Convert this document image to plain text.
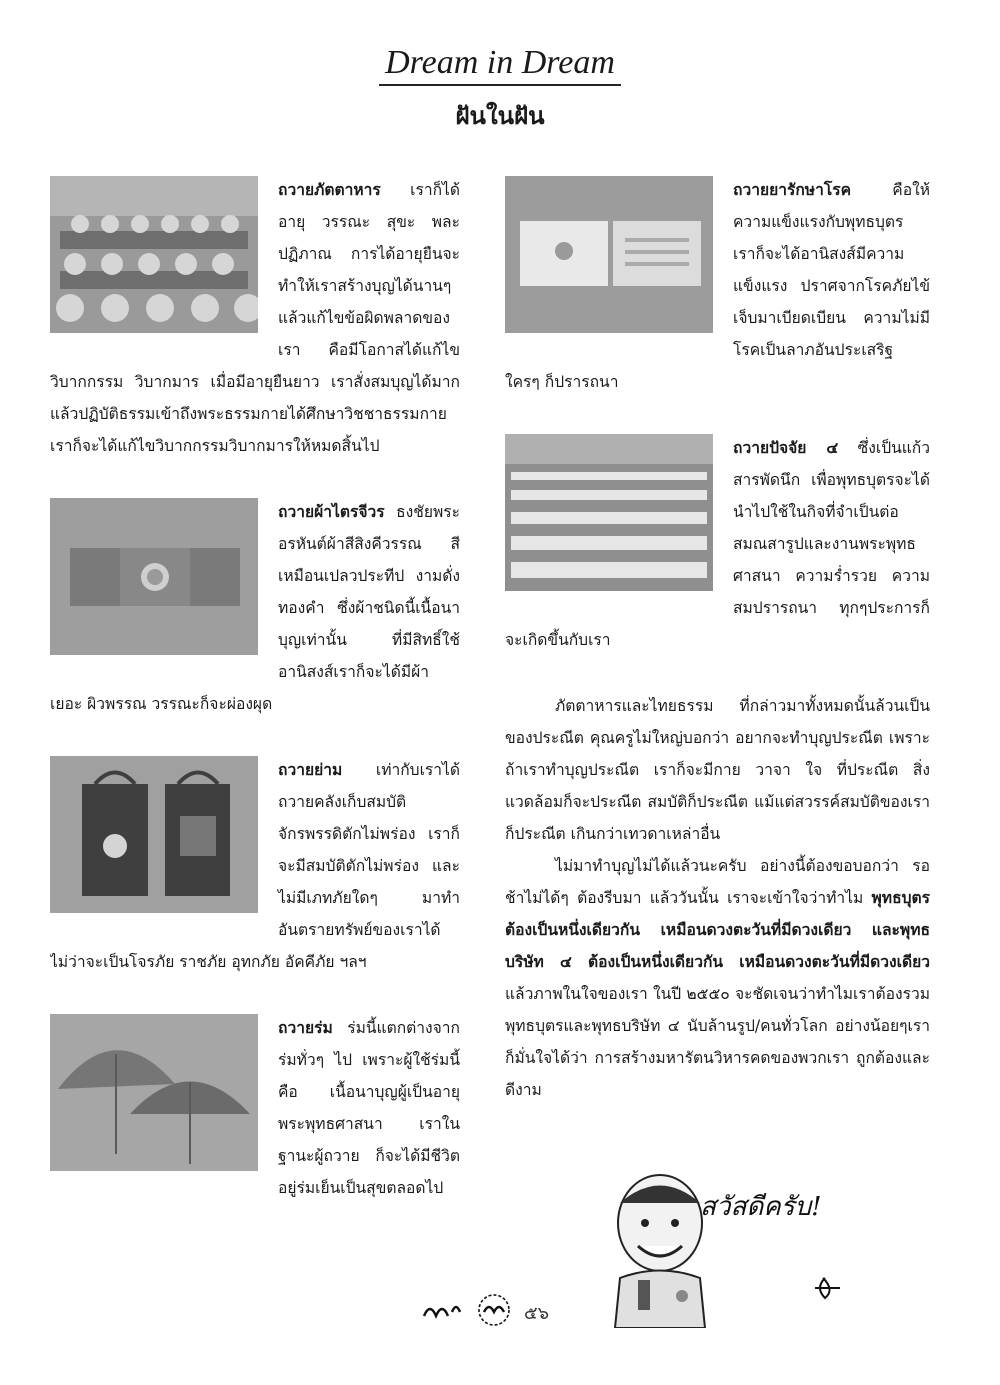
Dream in Dream
ฝันในฝัน

ถวายภัตตาหาร เราก็ได้อายุ วรรณะ สุขะ พละ ปฏิภาณ การได้อายุยืนจะทำให้เราสร้างบุญได้นานๆแล้วแก้ไขข้อผิดพลาดของเรา คือมีโอกาสได้แก้ไขวิบากกรรม วิบากมาร เมื่อมีอายุยืนยาว เราสั่งสมบุญได้มากแล้วปฏิบัติธรรมเข้าถึงพระธรรมกายได้ศึกษาวิชชาธรรมกาย เราก็จะได้แก้ไขวิบากกรรมวิบากมารให้หมดสิ้นไป

ถวายผ้าไตรจีวร ธงชัยพระอรหันต์ผ้าสีสิงคีวรรณ สีเหมือนเปลวประทีป งามดั่งทองคำ ซึ่งผ้าชนิดนี้เนื้อนาบุญเท่านั้น ที่มีสิทธิ์ใช้ อานิสงส์เราก็จะได้มีผ้าเยอะ ผิวพรรณ วรรณะก็จะผ่องผุด

ถวายย่าม เท่ากับเราได้ถวายคลังเก็บสมบัติจักรพรรดิตักไม่พร่อง เราก็จะมีสมบัติตักไม่พร่อง และไม่มีเภทภัยใดๆ มาทำอันตรายทรัพย์ของเราได้ ไม่ว่าจะเป็นโจรภัย ราชภัย อุทกภัย อัคคีภัย ฯลฯ

ถวายร่ม ร่มนี้แตกต่างจากร่มทั่วๆ ไป เพราะผู้ใช้ร่มนี้คือ เนื้อนาบุญผู้เป็นอายุพระพุทธศาสนา เราในฐานะผู้ถวาย ก็จะได้มีชีวิตอยู่ร่มเย็นเป็นสุขตลอดไป

ถวายยารักษาโรค คือให้ความแข็งแรงกับพุทธบุตร เราก็จะได้อานิสงส์มีความแข็งแรง ปราศจากโรคภัยไข้เจ็บมาเบียดเบียน ความไม่มีโรคเป็นลาภอันประเสริฐ ใครๆ ก็ปรารถนา

ถวายปัจจัย ๔ ซึ่งเป็นแก้วสารพัดนึก เพื่อพุทธบุตรจะได้นำไปใช้ในกิจที่จำเป็นต่อสมณสารูปและงานพระพุทธศาสนา ความร่ำรวย ความสมปรารถนา ทุกๆประการก็จะเกิดขึ้นกับเรา

ภัตตาหารและไทยธรรม ที่กล่าวมาทั้งหมดนั้นล้วนเป็นของประณีต คุณครูไม่ใหญ่บอกว่า อยากจะทำบุญประณีต เพราะถ้าเราทำบุญประณีต เราก็จะมีกาย วาจา ใจ ที่ประณีต สิ่งแวดล้อมก็จะประณีต สมบัติก็ประณีต แม้แต่สวรรค์สมบัติของเราก็ประณีต เกินกว่าเทวดาเหล่าอื่น

ไม่มาทำบุญไม่ได้แล้วนะครับ อย่างนี้ต้องขอบอกว่า รอช้าไม่ได้ๆ ต้องรีบมา แล้ววันนั้น เราจะเข้าใจว่าทำไม พุทธบุตรต้องเป็นหนึ่งเดียวกัน เหมือนดวงตะวันที่มีดวงเดียว และพุทธบริษัท ๔ ต้องเป็นหนึ่งเดียวกัน เหมือนดวงตะวันที่มีดวงเดียว แล้วภาพในใจของเรา ในปี ๒๕๕๐ จะชัดเจนว่าทำไมเราต้องรวมพุทธบุตรและพุทธบริษัท ๔ นับล้านรูป/คนทั่วโลก อย่างน้อยๆเราก็มั่นใจได้ว่า การสร้างมหารัตนวิหารคดของพวกเรา ถูกต้องและดีงาม

สวัสดีครับ!
๕๖
